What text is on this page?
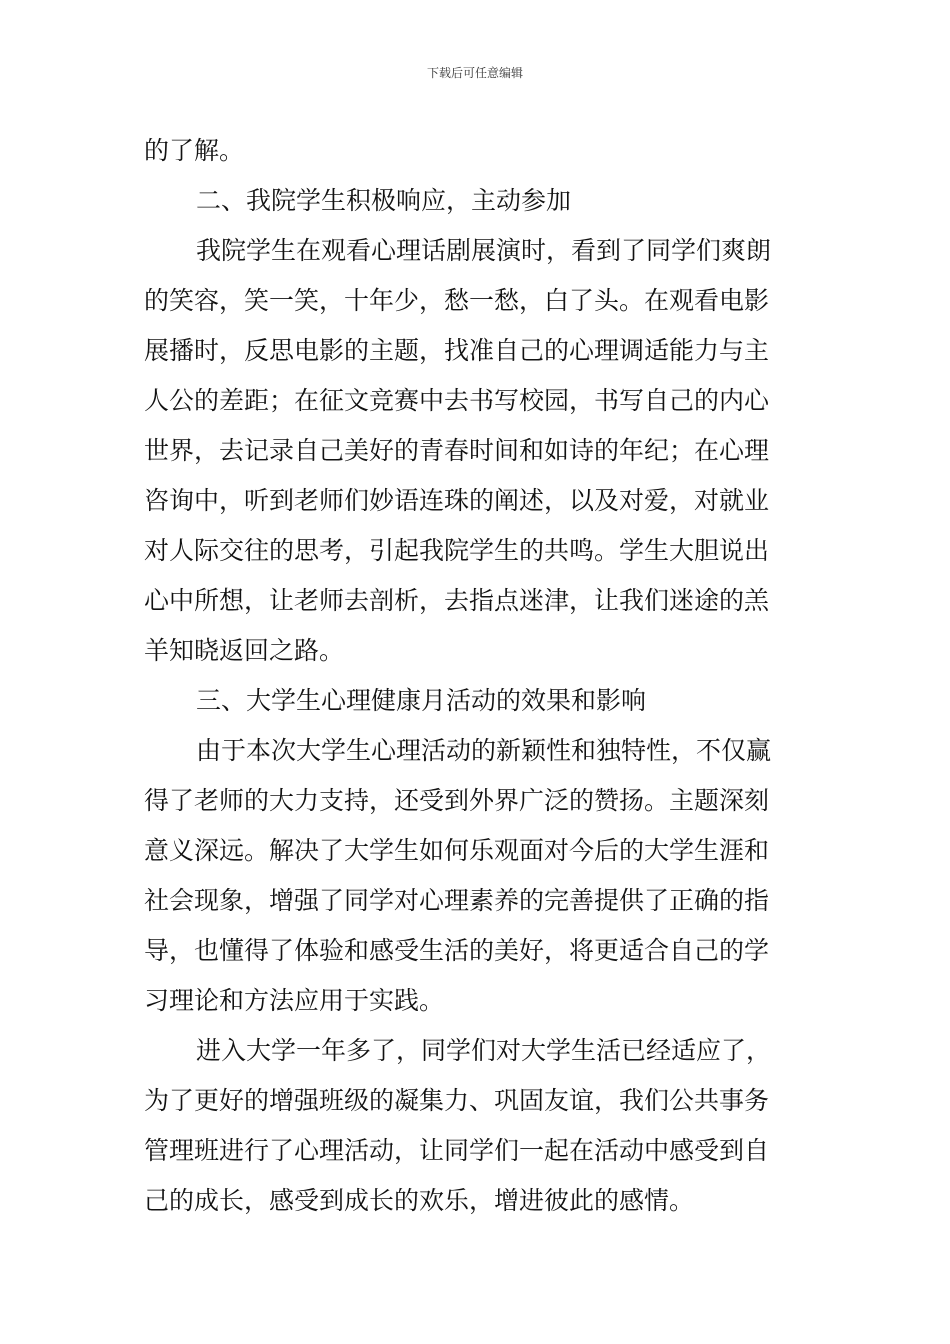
下载后可任意编辑
的了解。
二、我院学生积极响应，主动参加
我院学生在观看心理话剧展演时，看到了同学们爽朗
的笑容，笑一笑，十年少，愁一愁，白了头。在观看电影
展播时，反思电影的主题，找准自己的心理调适能力与主
人公的差距；在征文竞赛中去书写校园，书写自己的内心
世界，去记录自己美好的青春时间和如诗的年纪；在心理
咨询中，听到老师们妙语连珠的阐述，以及对爱，对就业
对人际交往的思考，引起我院学生的共鸣。学生大胆说出
心中所想，让老师去剖析，去指点迷津，让我们迷途的羔
羊知晓返回之路。
三、大学生心理健康月活动的效果和影响
由于本次大学生心理活动的新颖性和独特性，不仅赢
得了老师的大力支持，还受到外界广泛的赞扬。主题深刻
意义深远。解决了大学生如何乐观面对今后的大学生涯和
社会现象，增强了同学对心理素养的完善提供了正确的指
导，也懂得了体验和感受生活的美好，将更适合自己的学
习理论和方法应用于实践。
进入大学一年多了，同学们对大学生活已经适应了，
为了更好的增强班级的凝集力、巩固友谊，我们公共事务
管理班进行了心理活动，让同学们一起在活动中感受到自
己的成长，感受到成长的欢乐，增进彼此的感情。
